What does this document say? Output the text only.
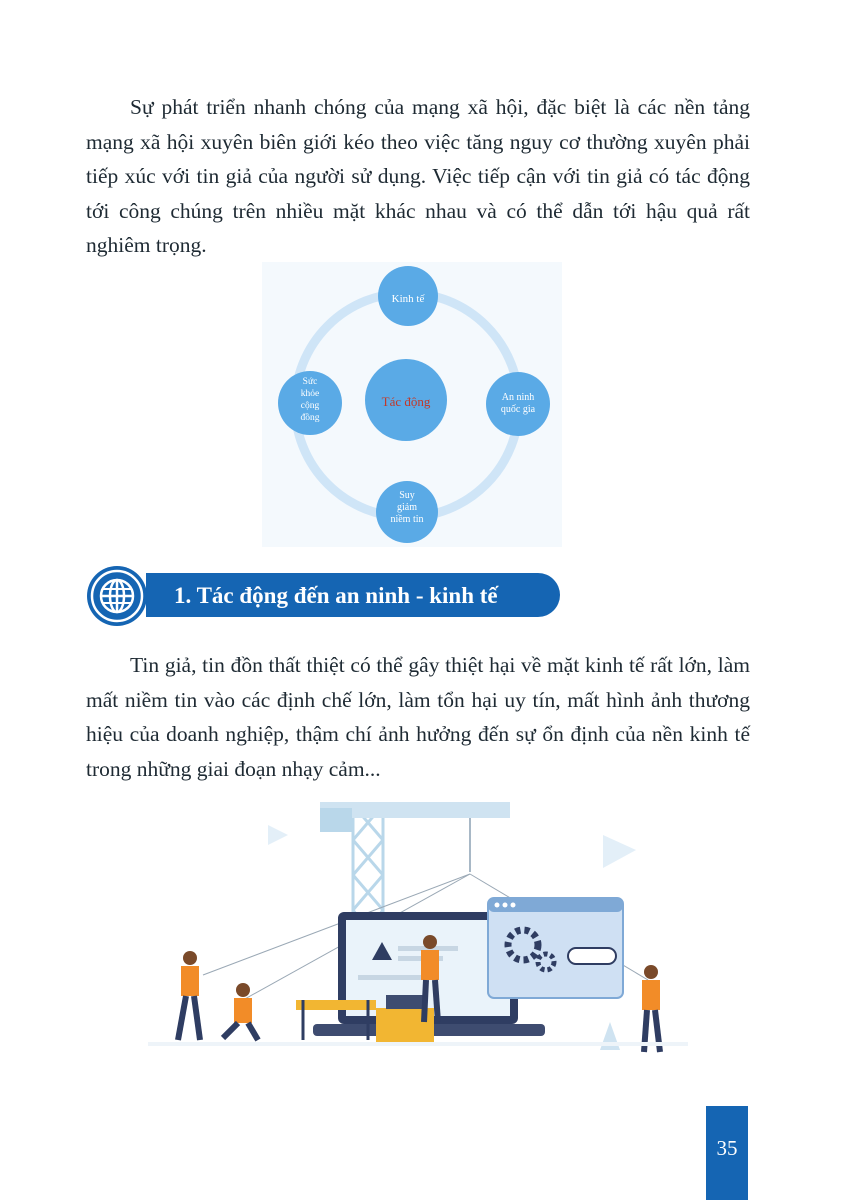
Sự phát triển nhanh chóng của mạng xã hội, đặc biệt là các nền tảng mạng xã hội xuyên biên giới kéo theo việc tăng nguy cơ thường xuyên phải tiếp xúc với tin giả của người sử dụng. Việc tiếp cận với tin giả có tác động tới công chúng trên nhiều mặt khác nhau và có thể dẫn tới hậu quả rất nghiêm trọng.

Tác động
Kinh tế
An ninh
quốc gia
Suy
giảm
niềm tin
Sức
khỏe
cộng
đồng
1. Tác động đến an ninh - kinh tế

Tin giả, tin đồn thất thiệt có thể gây thiệt hại về mặt kinh tế rất lớn, làm mất niềm tin vào các định chế lớn, làm tổn hại uy tín, mất hình ảnh thương hiệu của doanh nghiệp, thậm chí ảnh hưởng đến sự ổn định của nền kinh tế trong những giai đoạn nhạy cảm...

35
